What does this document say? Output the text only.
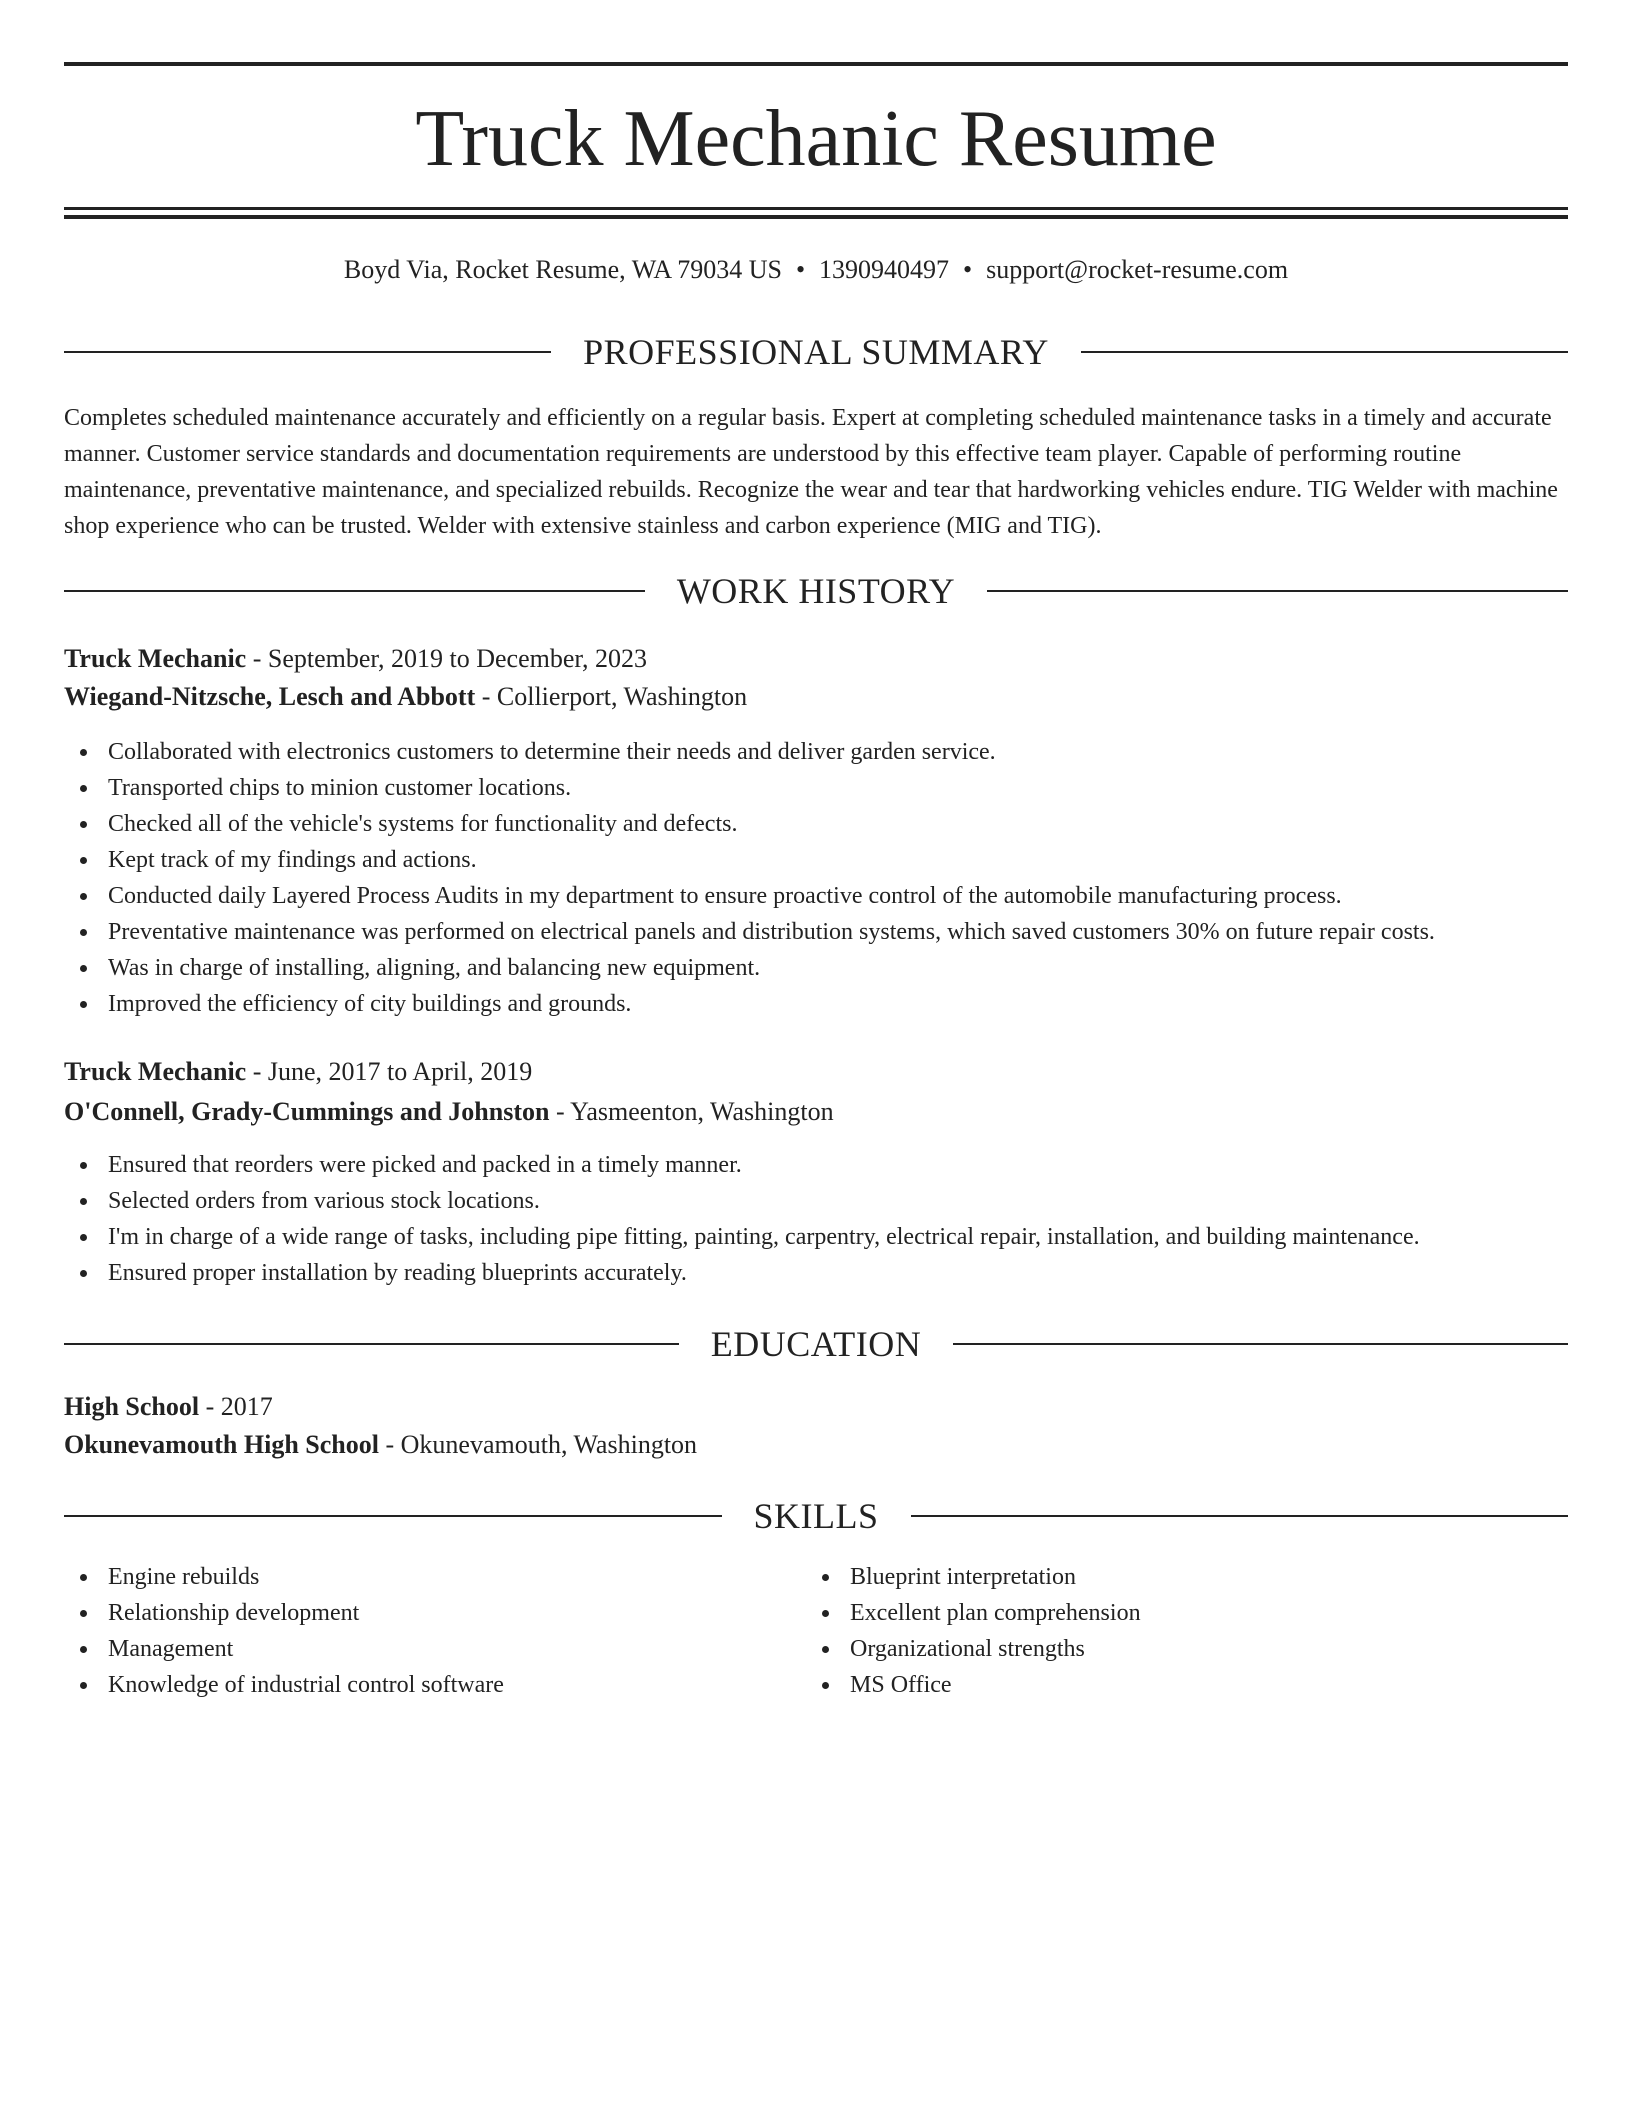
Truck Mechanic Resume
Boyd Via, Rocket Resume, WA 79034 US • 1390940497 • support@rocket-resume.com
PROFESSIONAL SUMMARY
Completes scheduled maintenance accurately and efficiently on a regular basis. Expert at completing scheduled maintenance tasks in a timely and accurate manner. Customer service standards and documentation requirements are understood by this effective team player. Capable of performing routine maintenance, preventative maintenance, and specialized rebuilds. Recognize the wear and tear that hardworking vehicles endure. TIG Welder with machine shop experience who can be trusted. Welder with extensive stainless and carbon experience (MIG and TIG).
WORK HISTORY
Truck Mechanic - September, 2019 to December, 2023
Wiegand-Nitzsche, Lesch and Abbott - Collierport, Washington
Collaborated with electronics customers to determine their needs and deliver garden service.
Transported chips to minion customer locations.
Checked all of the vehicle's systems for functionality and defects.
Kept track of my findings and actions.
Conducted daily Layered Process Audits in my department to ensure proactive control of the automobile manufacturing process.
Preventative maintenance was performed on electrical panels and distribution systems, which saved customers 30% on future repair costs.
Was in charge of installing, aligning, and balancing new equipment.
Improved the efficiency of city buildings and grounds.
Truck Mechanic - June, 2017 to April, 2019
O'Connell, Grady-Cummings and Johnston - Yasmeenton, Washington
Ensured that reorders were picked and packed in a timely manner.
Selected orders from various stock locations.
I'm in charge of a wide range of tasks, including pipe fitting, painting, carpentry, electrical repair, installation, and building maintenance.
Ensured proper installation by reading blueprints accurately.
EDUCATION
High School - 2017
Okunevamouth High School - Okunevamouth, Washington
SKILLS
Engine rebuilds
Relationship development
Management
Knowledge of industrial control software
Blueprint interpretation
Excellent plan comprehension
Organizational strengths
MS Office
